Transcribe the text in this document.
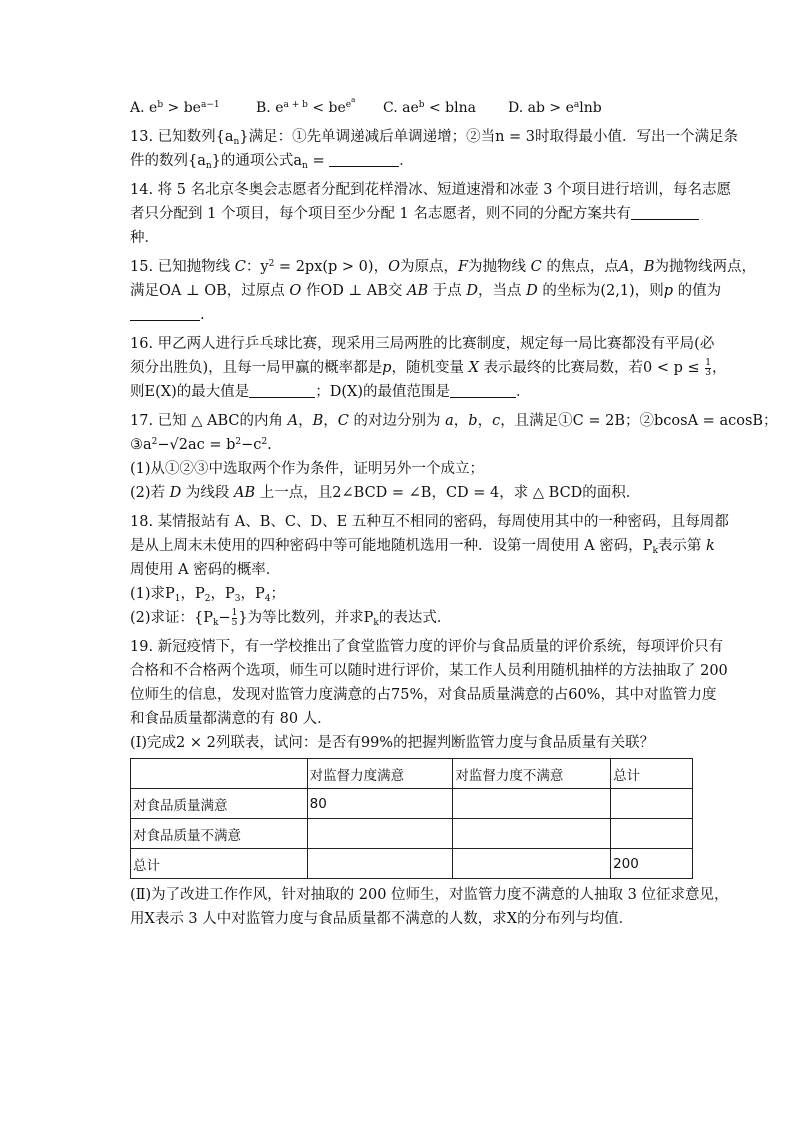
A. $e^b > be^{a-1}$	B. $e^{a + b} < be^{e^a}$	C. $ae^b < blna$	D. ab > $e^a\ln b$
13. 已知数列$\{a_n\}$满足：①先单调递减后单调递增；②当n = 3时取得最小值．写出一个满足条
件的数列$\{a_n\}$的通项公式$a_n$ =	．
14. 将 5 名北京冬奥会志愿者分配到花样滑冰、短道速滑和冰壶 3 个项目进行培训，每名志愿
者只分配到 1 个项目，每个项目至少分配 1 名志愿者，则不同的分配方案共有
种．
15. 已知抛物线 C：$y^2 = 2px(p > 0)$，O为原点，F为抛物线 C 的焦点，点A，B为抛物线两点，
满足OA ⊥ OB，过原点 O 作OD ⊥ AB交 AB 于点 D，当点 D 的坐标为(2,1)，则p 的值为
.
16. 甲乙两人进行乒乓球比赛，现采用三局两胜的比赛制度，规定每一局比赛都没有平局(必
须分出胜负)，且每一局甲赢的概率都是p，随机变量 X 表示最终的比赛局数，若$0 < p \le \frac{1}{3}$ ，
则E(X)的最大值是	；D(X)的最值范围是	．
17. 已知 △ ABC的内角 A，B，C 的对边分别为 a，b，c，且满足①C = 2B；②bcosA = acosB；
$③a^2-√2ac = b^2-c^2$.
(1)从①②③中选取两个作为条件，证明另外一个成立；
(2)若 D 为线段 AB 上一点，且2∠BCD = ∠B，CD = 4，求 △ BCD的面积．
18. 某情报站有 A、B、C、D、E 五种互不相同的密码，每周使用其中的一种密码，且每周都
是从上周末未使用的四种密码中等可能地随机选用一种．设第一周使用 A 密码，$P_k$表示第 k
周使用 A 密码的概率．
(1)求$P_1$，$P_2$，$P_3$，$P_4$；
(2)求证：{$P_k- \frac{1}{5}$ }为等比数列，并求$P_k$的表达式．
19. 新冠疫情下，有一学校推出了食堂监管力度的评价与食品质量的评价系统，每项评价只有
合格和不合格两个选项，师生可以随时进行评价，某工作人员利用随机抽样的方法抽取了 200
位师生的信息，发现对监管力度满意的占75%，对食品质量满意的占60%，其中对监管力度
和食品质量都满意的有 80 人．
(Ⅰ)完成2 × 2列联表，试问：是否有99%的把握判断监管力度与食品质量有关联？
	对监督力度满意	对监督力度不满意	总计
对食品质量满意	80		
对食品质量不满意			
总计			200
(Ⅱ)为了改进工作作风，针对抽取的 200 位师生，对监管力度不满意的人抽取 3 位征求意见，
用X表示 3 人中对监管力度与食品质量都不满意的人数，求X的分布列与均值．
